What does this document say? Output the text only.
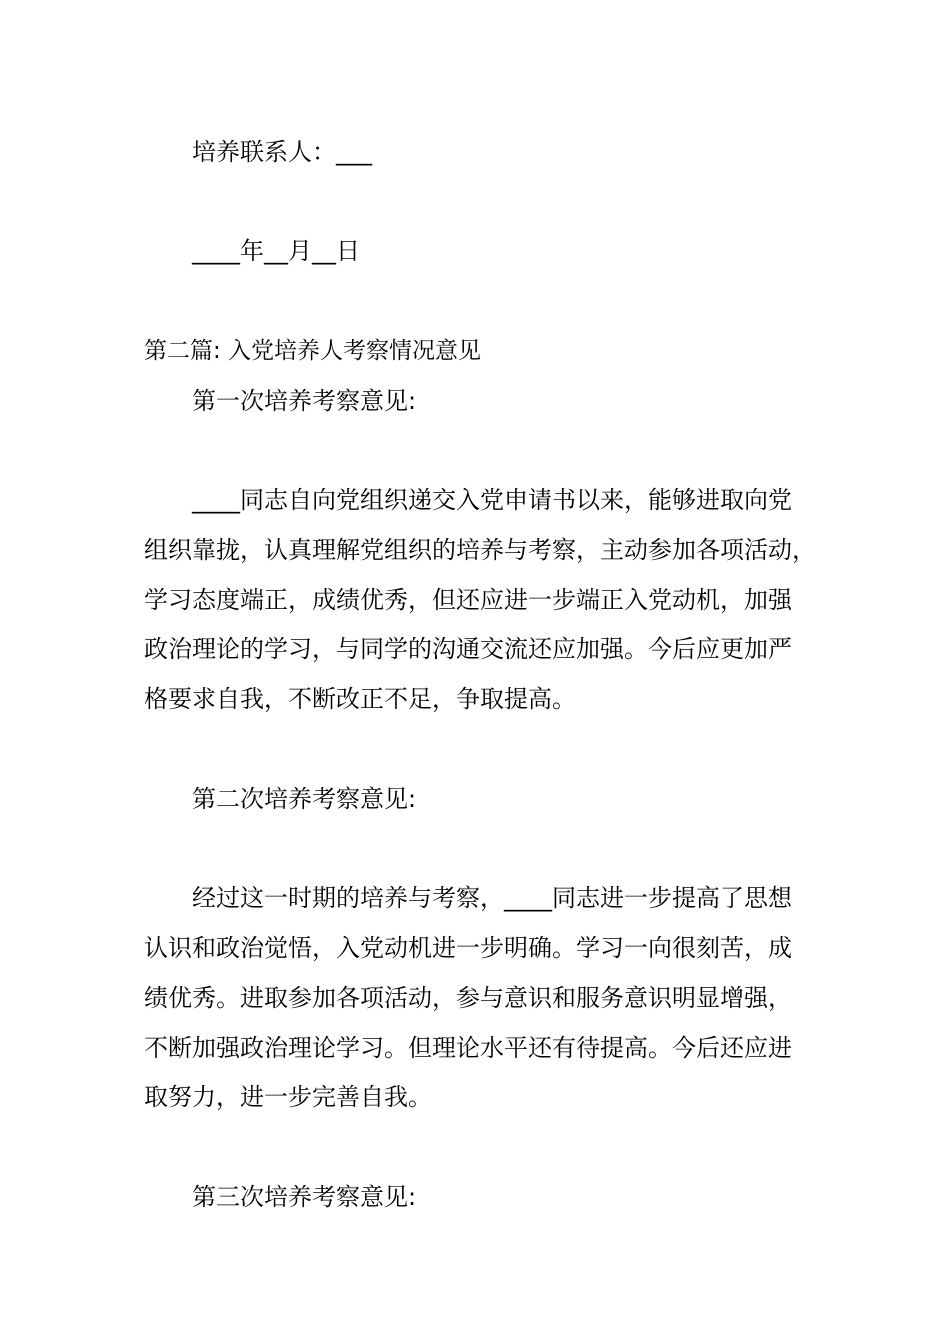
培养联系人：___
____年__月__日
第二篇: 入党培养人考察情况意见
第一次培养考察意见:
____同志自向党组织递交入党申请书以来，能够进取向党
组织靠拢，认真理解党组织的培养与考察，主动参加各项活动，
学习态度端正，成绩优秀，但还应进一步端正入党动机，加强
政治理论的学习，与同学的沟通交流还应加强。今后应更加严
格要求自我，不断改正不足，争取提高。
第二次培养考察意见:
经过这一时期的培养与考察，____同志进一步提高了思想
认识和政治觉悟，入党动机进一步明确。学习一向很刻苦，成
绩优秀。进取参加各项活动，参与意识和服务意识明显增强，
不断加强政治理论学习。但理论水平还有待提高。今后还应进
取努力，进一步完善自我。
第三次培养考察意见:
